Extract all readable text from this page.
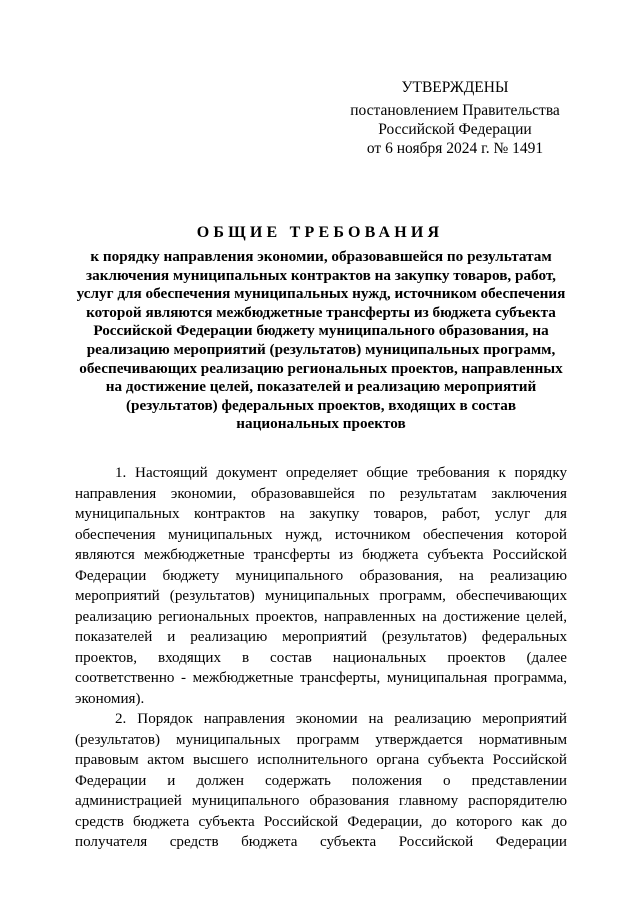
УТВЕРЖДЕНЫ
постановлением Правительства
Российской Федерации
от 6 ноября 2024 г. № 1491
ОБЩИЕ ТРЕБОВАНИЯ
к порядку направления экономии, образовавшейся по результатам
заключения муниципальных контрактов на закупку товаров, работ,
услуг для обеспечения муниципальных нужд, источником обеспечения
которой являются межбюджетные трансферты из бюджета субъекта
Российской Федерации бюджету муниципального образования, на
реализацию мероприятий (результатов) муниципальных программ,
обеспечивающих реализацию региональных проектов, направленных
на достижение целей, показателей и реализацию мероприятий
(результатов) федеральных проектов, входящих в состав
национальных проектов

1. Настоящий документ определяет общие требования к порядку направления экономии, образовавшейся по результатам заключения муниципальных контрактов на закупку товаров, работ, услуг для обеспечения муниципальных нужд, источником обеспечения которой являются межбюджетные трансферты из бюджета субъекта Российской Федерации бюджету муниципального образования, на реализацию мероприятий (результатов) муниципальных программ, обеспечивающих реализацию региональных проектов, направленных на достижение целей, показателей и реализацию мероприятий (результатов) федеральных проектов, входящих в состав национальных проектов (далее соответственно - межбюджетные трансферты, муниципальная программа, экономия).

2. Порядок направления экономии на реализацию мероприятий (результатов) муниципальных программ утверждается нормативным правовым актом высшего исполнительного органа субъекта Российской Федерации и должен содержать положения о представлении администрацией муниципального образования главному распорядителю средств бюджета субъекта Российской Федерации, до которого как до получателя средств бюджета субъекта Российской Федерации
